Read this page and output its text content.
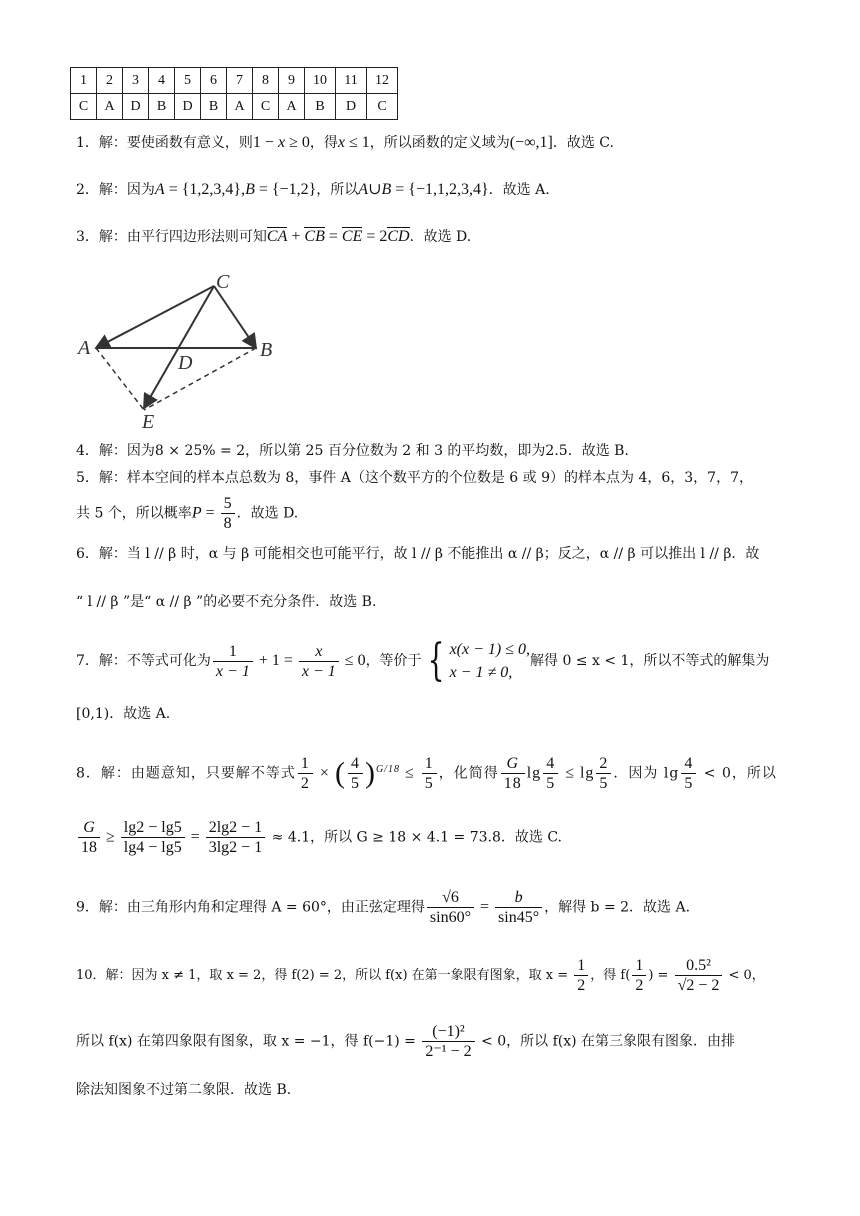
1	2	3	4	5	6	7	8	9	10	11	12
C	A	D	B	D	B	A	C	A	B	D	C
1．解：要使函数有意义，则1 − x ≥ 0，得x ≤ 1，所以函数的定义域为(−∞,1]．故选 C.
2．解：因为A = {1,2,3,4},B = {−1,2}，所以A∪B = {−1,1,2,3,4}．故选 A.
3．解：由平行四边形法则可知CA + CB = CE = 2CD．故选 D.
C
A	B
D
E
4．解：因为8 × 25% = 2，所以第 25 百分位数为 2 和 3 的平均数，即为2.5．故选 B.
5．解：样本空间的样本点总数为 8，事件 A（这个数平方的个位数是 6 或 9）的样本点为 4，6，3，7，7，
共 5 个，所以概率$P = \frac{5}{8}$ ．故选 D.
6．解：当 l // β 时，α 与 β 可能相交也可能平行，故 l // β 不能推出 α // β；反之，α // β 可以推出 l // β．故
“ l // β ”是“ α // β ”的必要不充分条件．故选 B.
7．解：不等式可化为 $\frac{1}{x - 1} + 1 = \frac{x}{x - 1} \le 0$，等价于 { x(x − 1) ≤ 0,
x − 1 ≠ 0,
解得 0 ≤ x < 1，所以不等式的解集为
[0,1)．故选 A.
8．解：由题意知，只要解不等式 $\frac{1}{2}$ × ( $\frac{4}{5} )^{G/18} \le \frac{1}{5}$ ，化简得 $\frac{G}{18}$ $\lg \frac{4}{5} \le \lg \frac{2}{5}$ ．因为 $\lg \frac{4}{5} < 0$，所以
$\frac{G}{18} \ge \frac{\lg 2 - \lg 5}{\lg 4 - \lg 5} = \frac{2\lg 2 - 1}{3\lg 2 - 1} \approx 4.1$，所以 G ≥ 18 × 4.1 = 73.8．故选 C.
9．解：由三角形内角和定理得 A = 60°，由正弦定理得 $\frac{√6}{\sin 60^\circ} = \frac{b}{\sin 45^\circ}$ ，解得 b = 2．故选 A.
10．解：因为 x ≠ 1，取 x = 2，得 f(2) = 2，所以 f(x) 在第一象限有图象，取 $x = \frac{1}{2}$ ，得 $f( \frac{1}{2}$ ) = $\frac{\text{0.5²}}{√2 - 2} < 0$，
所以 f(x) 在第四象限有图象，取 x = −1，得 $f(-1) = \frac{\text{(−1)²}}{\text{2⁻¹ − 2}} < 0$，所以 f(x) 在第三象限有图象．由排
除法知图象不过第二象限．故选 B.
